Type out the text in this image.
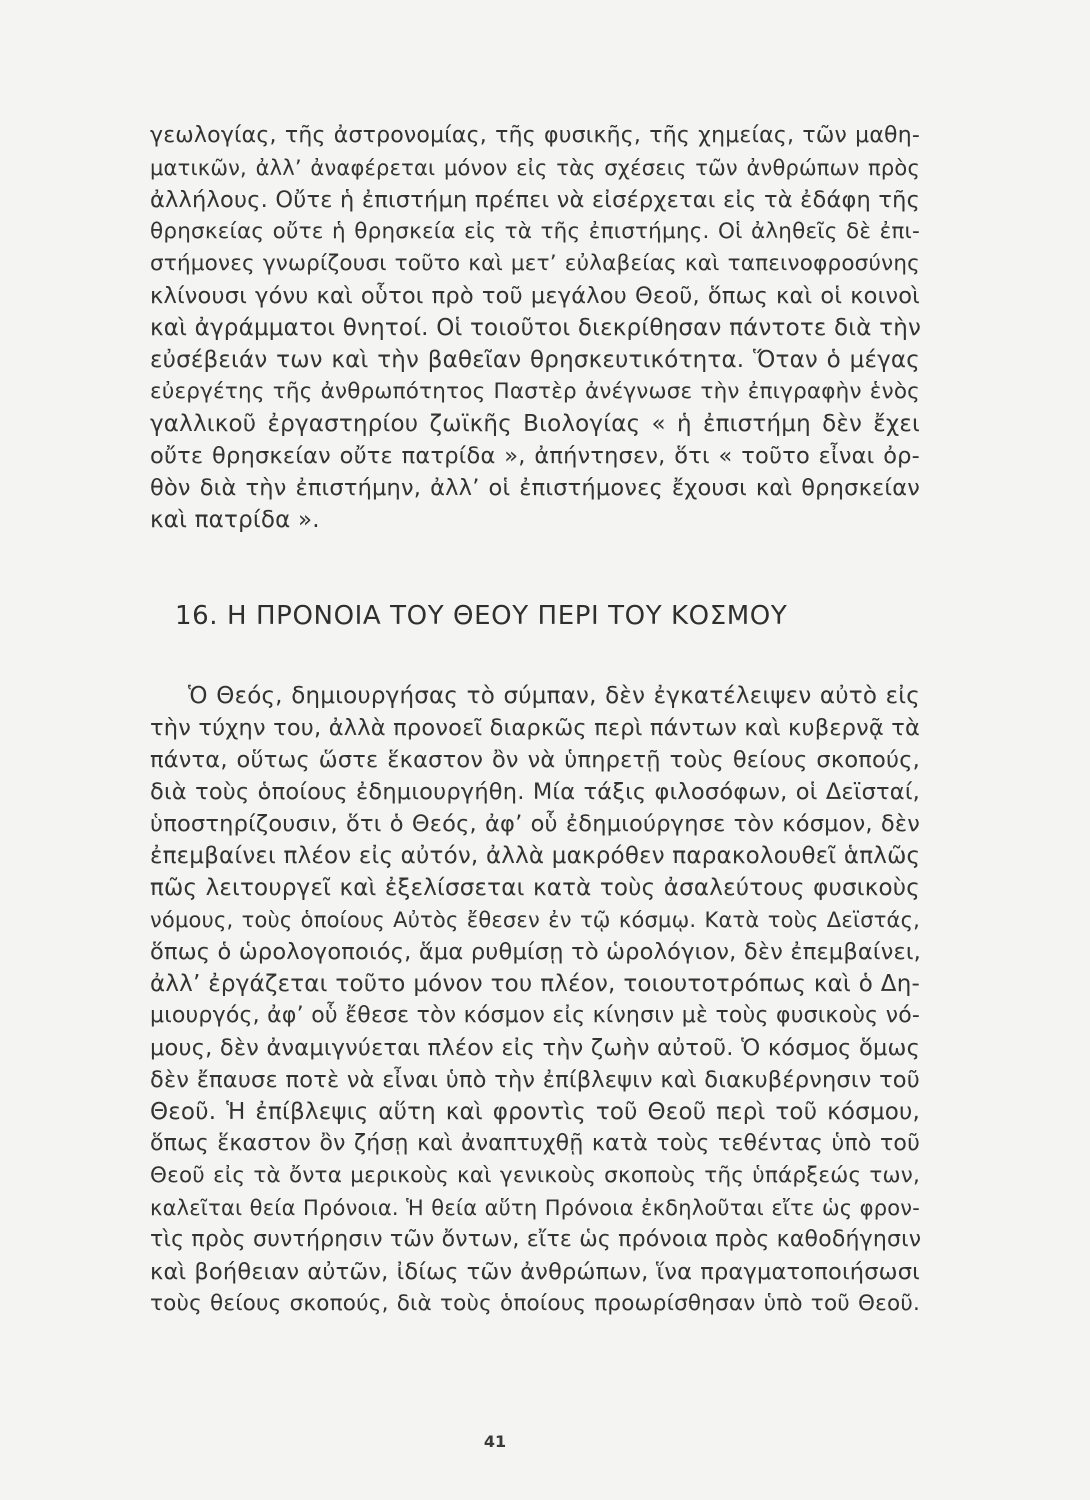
γεωλογίας, τῆς ἀστρονομίας, τῆς φυσικῆς, τῆς χημείας, τῶν μαθη-
ματικῶν, ἀλλ’ ἀναφέρεται μόνον εἰς τὰς σχέσεις τῶν ἀνθρώπων πρὸς
ἀλλήλους. Οὔτε ἡ ἐπιστήμη πρέπει νὰ εἰσέρχεται εἰς τὰ ἐδάφη τῆς
θρησκείας οὔτε ἡ θρησκεία εἰς τὰ τῆς ἐπιστήμης. Οἱ ἀληθεῖς δὲ ἐπι-
στήμονες γνωρίζουσι τοῦτο καὶ μετ’ εὐλαβείας καὶ ταπεινοφροσύνης
κλίνουσι γόνυ καὶ οὗτοι πρὸ τοῦ μεγάλου Θεοῦ, ὅπως καὶ οἱ κοινοὶ
καὶ ἀγράμματοι θνητοί. Οἱ τοιοῦτοι διεκρίθησαν πάντοτε διὰ τὴν
εὐσέβειάν των καὶ τὴν βαθεῖαν θρησκευτικότητα. Ὅταν ὁ μέγας
εὐεργέτης τῆς ἀνθρωπότητος Παστὲρ ἀνέγνωσε τὴν ἐπιγραφὴν ἑνὸς
γαλλικοῦ ἐργαστηρίου ζωϊκῆς Βιολογίας « ἡ ἐπιστήμη δὲν ἔχει
οὔτε θρησκείαν οὔτε πατρίδα », ἀπήντησεν, ὅτι « τοῦτο εἶναι ὀρ-
θὸν διὰ τὴν ἐπιστήμην, ἀλλ’ οἱ ἐπιστήμονες ἔχουσι καὶ θρησκείαν
καὶ πατρίδα ».
16. Η ΠΡΟΝΟΙΑ ΤΟΥ ΘΕΟΥ ΠΕΡΙ ΤΟΥ ΚΟΣΜΟΥ
Ὁ Θεός, δημιουργήσας τὸ σύμπαν, δὲν ἐγκατέλειψεν αὐτὸ εἰς
τὴν τύχην του, ἀλλὰ προνοεῖ διαρκῶς περὶ πάντων καὶ κυβερνᾷ τὰ
πάντα, οὕτως ὥστε ἕκαστον ὂν νὰ ὑπηρετῇ τοὺς θείους σκοπούς,
διὰ τοὺς ὁποίους ἐδημιουργήθη. Μία τάξις φιλοσόφων, οἱ Δεϊσταί,
ὑποστηρίζουσιν, ὅτι ὁ Θεός, ἀφ’ οὗ ἐδημιούργησε τὸν κόσμον, δὲν
ἐπεμβαίνει πλέον εἰς αὐτόν, ἀλλὰ μακρόθεν παρακολουθεῖ ἁπλῶς
πῶς λειτουργεῖ καὶ ἐξελίσσεται κατὰ τοὺς ἀσαλεύτους φυσικοὺς
νόμους, τοὺς ὁποίους Αὐτὸς ἔθεσεν ἐν τῷ κόσμῳ. Κατὰ τοὺς Δεϊστάς,
ὅπως ὁ ὡρολογοποιός, ἅμα ρυθμίσῃ τὸ ὡρολόγιον, δὲν ἐπεμβαίνει,
ἀλλ’ ἐργάζεται τοῦτο μόνον του πλέον, τοιουτοτρόπως καὶ ὁ Δη-
μιουργός, ἀφ’ οὗ ἔθεσε τὸν κόσμον εἰς κίνησιν μὲ τοὺς φυσικοὺς νό-
μους, δὲν ἀναμιγνύεται πλέον εἰς τὴν ζωὴν αὐτοῦ. Ὁ κόσμος ὅμως
δὲν ἔπαυσε ποτὲ νὰ εἶναι ὑπὸ τὴν ἐπίβλεψιν καὶ διακυβέρνησιν τοῦ
Θεοῦ. Ἡ ἐπίβλεψις αὕτη καὶ φροντὶς τοῦ Θεοῦ περὶ τοῦ κόσμου,
ὅπως ἕκαστον ὂν ζήσῃ καὶ ἀναπτυχθῇ κατὰ τοὺς τεθέντας ὑπὸ τοῦ
Θεοῦ εἰς τὰ ὄντα μερικοὺς καὶ γενικοὺς σκοποὺς τῆς ὑπάρξεώς των,
καλεῖται θεία Πρόνοια. Ἡ θεία αὕτη Πρόνοια ἐκδηλοῦται εἴτε ὡς φρον-
τὶς πρὸς συντήρησιν τῶν ὄντων, εἴτε ὡς πρόνοια πρὸς καθοδήγησιν
καὶ βοήθειαν αὐτῶν, ἰδίως τῶν ἀνθρώπων, ἵνα πραγματοποιήσωσι
τοὺς θείους σκοπούς, διὰ τοὺς ὁποίους προωρίσθησαν ὑπὸ τοῦ Θεοῦ.
41
